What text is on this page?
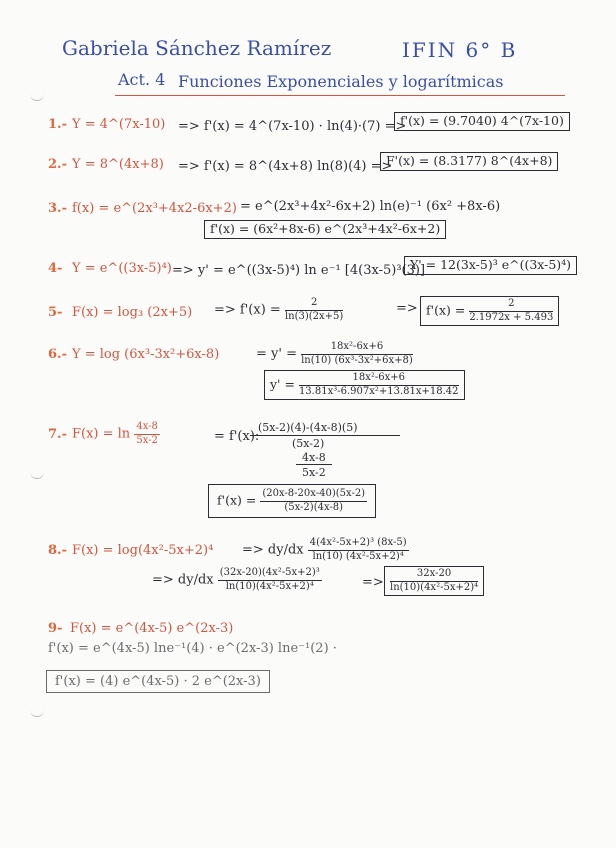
Gabriela Sánchez Ramírez	IFIN 6° B
Act. 4 Funciones Exponenciales y logarítmicas
1.- Y = 4^(7x-10) => f'(x) = 4^(7x-10) · ln(4)·(7) =>
f'(x) = (9.7040) 4^(7x-10)
2.- Y = 8^(4x+8) => f'(x) = 8^(4x+8) ln(8)(4) =>
F'(x) = (8.3177) 8^(4x+8)
3.- f(x) = e^(2x³+4x2-6x+2) = e^(2x³+4x²-6x+2) ln(e)⁻¹ (6x² +8x-6)
f'(x) = (6x²+8x-6) e^(2x³+4x²-6x+2)
4- Y = e^((3x-5)⁴) => y' = e^((3x-5)⁴) ln e⁻¹ [4(3x-5)³(3)]
Y' = 12(3x-5)³ e^((3x-5)⁴)
5- F(x) = log₃ $(2x+5) => f'(x) = \frac{2}{\ln(3)(2x+5)}$	=> $f'(x) = \frac{2}{2.1972x + 5.493}$
6.- Y = log (6x³-3x²+6x-8)	= $y' = \frac{\text{18x²-6x+6}}{\text{ln(10) (6x³-3x²+6x+8)}}$
$y' = \frac{\text{18x²-6x+6}}{\text{13.81x³-6.907x²+13.81x+18.42}}$
7.- $F(x) = \ln \frac{4x-8}{5x-2}$	= f'(x):
(5x-2)(4)-(4x-8)(5)
(5x-2)
4x-8
5x-2
$f'(x) = \frac{(20x-8-20x-40)(5x-2)}{(5x-2)(4x-8)}$
8.- $F(x) = \log(4x^2-5x+2)^4 => dy/dx \frac{\text{4(4x²-5x+2)³ (8x-5)}}{\text{ln(10) (4x²-5x+2)⁴}}$
=> $dy/dx \frac{\text{(32x-20)(4x²-5x+2)³}}{\text{ln(10)(4x²-5x+2)⁴}}$	=> $\frac{32x-20}{\text{ln(10)(4x²-5x+2)⁴}}$
9- F(x) = e^(4x-5) e^(2x-3)
f'(x) = e^(4x-5) lne⁻¹(4) · e^(2x-3) lne⁻¹(2) ·
f'(x) = (4) e^(4x-5) · 2 e^(2x-3)
